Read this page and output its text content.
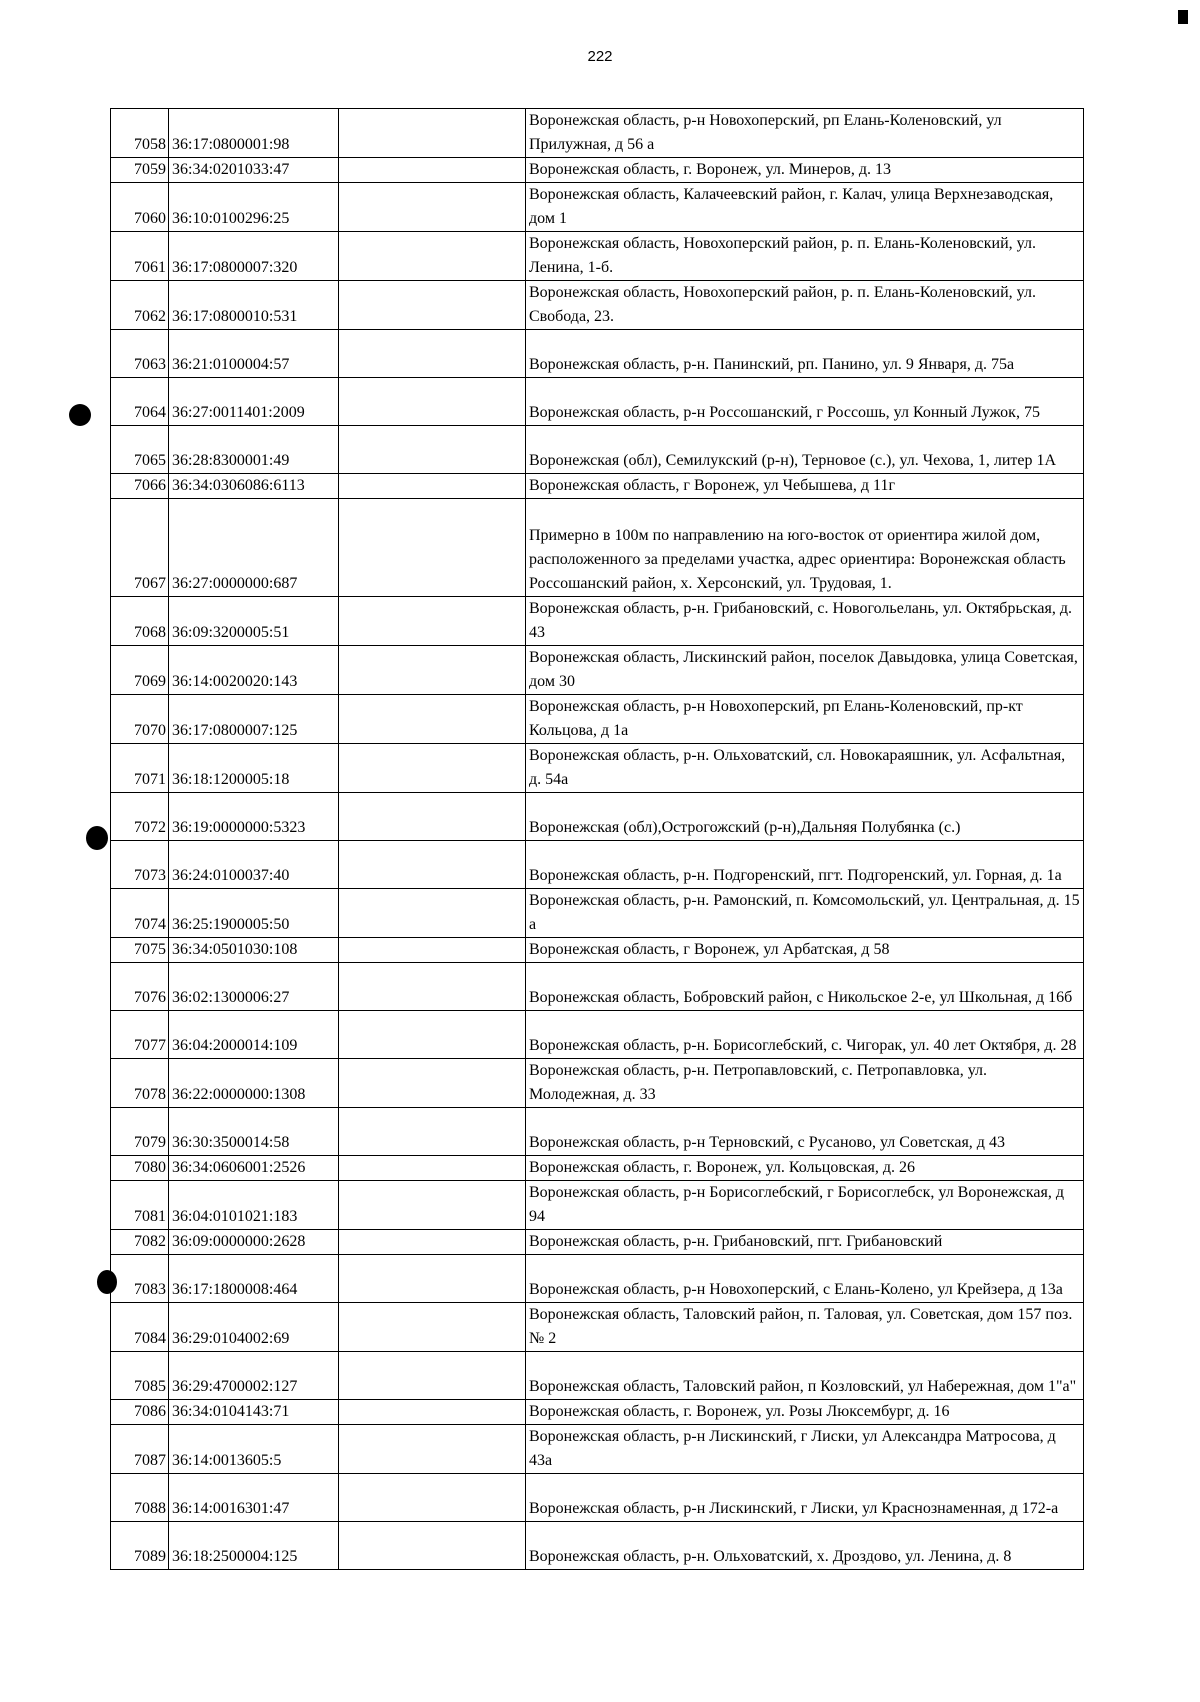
222
7058	36:17:0800001:98		Воронежская область, р-н Новохоперский, рп Елань-Коленовский, ул Прилужная, д 56 а
7059	36:34:0201033:47		Воронежская область, г. Воронеж, ул. Минеров, д. 13
7060	36:10:0100296:25		Воронежская область, Калачеевский район, г. Калач, улица Верхнезаводская, дом 1
7061	36:17:0800007:320		Воронежская область, Новохоперский район, р. п. Елань-Коленовский, ул. Ленина, 1-б.
7062	36:17:0800010:531		Воронежская область, Новохоперский район, р. п. Елань-Коленовский, ул. Свобода, 23.
7063	36:21:0100004:57		Воронежская область, р-н. Панинский, рп. Панино, ул. 9 Января, д. 75а
7064	36:27:0011401:2009		Воронежская область, р-н Россошанский, г Россошь, ул Конный Лужок, 75
7065	36:28:8300001:49		Воронежская (обл), Семилукский (р-н), Терновое (с.), ул. Чехова, 1, литер 1А
7066	36:34:0306086:6113		Воронежская область, г Воронеж, ул Чебышева, д 11г
7067	36:27:0000000:687		Примерно в 100м по направлению на юго-восток от ориентира жилой дом, расположенного за пределами участка, адрес ориентира: Воронежская область Россошанский район, х. Херсонский, ул. Трудовая, 1.
7068	36:09:3200005:51		Воронежская область, р-н. Грибановский, с. Новогольелань, ул. Октябрьская, д. 43
7069	36:14:0020020:143		Воронежская область, Лискинский район, поселок Давыдовка, улица Советская, дом 30
7070	36:17:0800007:125		Воронежская область, р-н Новохоперский, рп Елань-Коленовский, пр-кт Кольцова, д 1а
7071	36:18:1200005:18		Воронежская область, р-н. Ольховатский, сл. Новокараяшник, ул. Асфальтная, д. 54а
7072	36:19:0000000:5323		Воронежская (обл),Острогожский (р-н),Дальняя Полубянка (с.)
7073	36:24:0100037:40		Воронежская область, р-н. Подгоренский, пгт. Подгоренский, ул. Горная, д. 1а
7074	36:25:1900005:50		Воронежская область, р-н. Рамонский, п. Комсомольский, ул. Центральная, д. 15 а
7075	36:34:0501030:108		Воронежская область, г Воронеж, ул Арбатская, д 58
7076	36:02:1300006:27		Воронежская область, Бобровский район, с Никольское 2-е, ул Школьная, д 16б
7077	36:04:2000014:109		Воронежская область, р-н. Борисоглебский, с. Чигорак, ул. 40 лет Октября, д. 28
7078	36:22:0000000:1308		Воронежская область, р-н. Петропавловский, с. Петропавловка, ул. Молодежная, д. 33
7079	36:30:3500014:58		Воронежская область, р-н Терновский, с Русаново, ул Советская, д 43
7080	36:34:0606001:2526		Воронежская область, г. Воронеж, ул. Кольцовская, д. 26
7081	36:04:0101021:183		Воронежская область, р-н Борисоглебский, г Борисоглебск, ул Воронежская, д 94
7082	36:09:0000000:2628		Воронежская область, р-н. Грибановский, пгт. Грибановский
7083	36:17:1800008:464		Воронежская область, р-н Новохоперский, с Елань-Колено, ул Крейзера, д 13а
7084	36:29:0104002:69		Воронежская область, Таловский район, п. Таловая, ул. Советская, дом 157 поз. № 2
7085	36:29:4700002:127		Воронежская область, Таловский район, п Козловский, ул Набережная, дом 1"а"
7086	36:34:0104143:71		Воронежская область, г. Воронеж, ул. Розы Люксембург, д. 16
7087	36:14:0013605:5		Воронежская область, р-н Лискинский, г Лиски, ул Александра Матросова, д 43а
7088	36:14:0016301:47		Воронежская область, р-н Лискинский, г Лиски, ул Краснознаменная, д 172-а
7089	36:18:2500004:125		Воронежская область, р-н. Ольховатский, х. Дроздово, ул. Ленина, д. 8
